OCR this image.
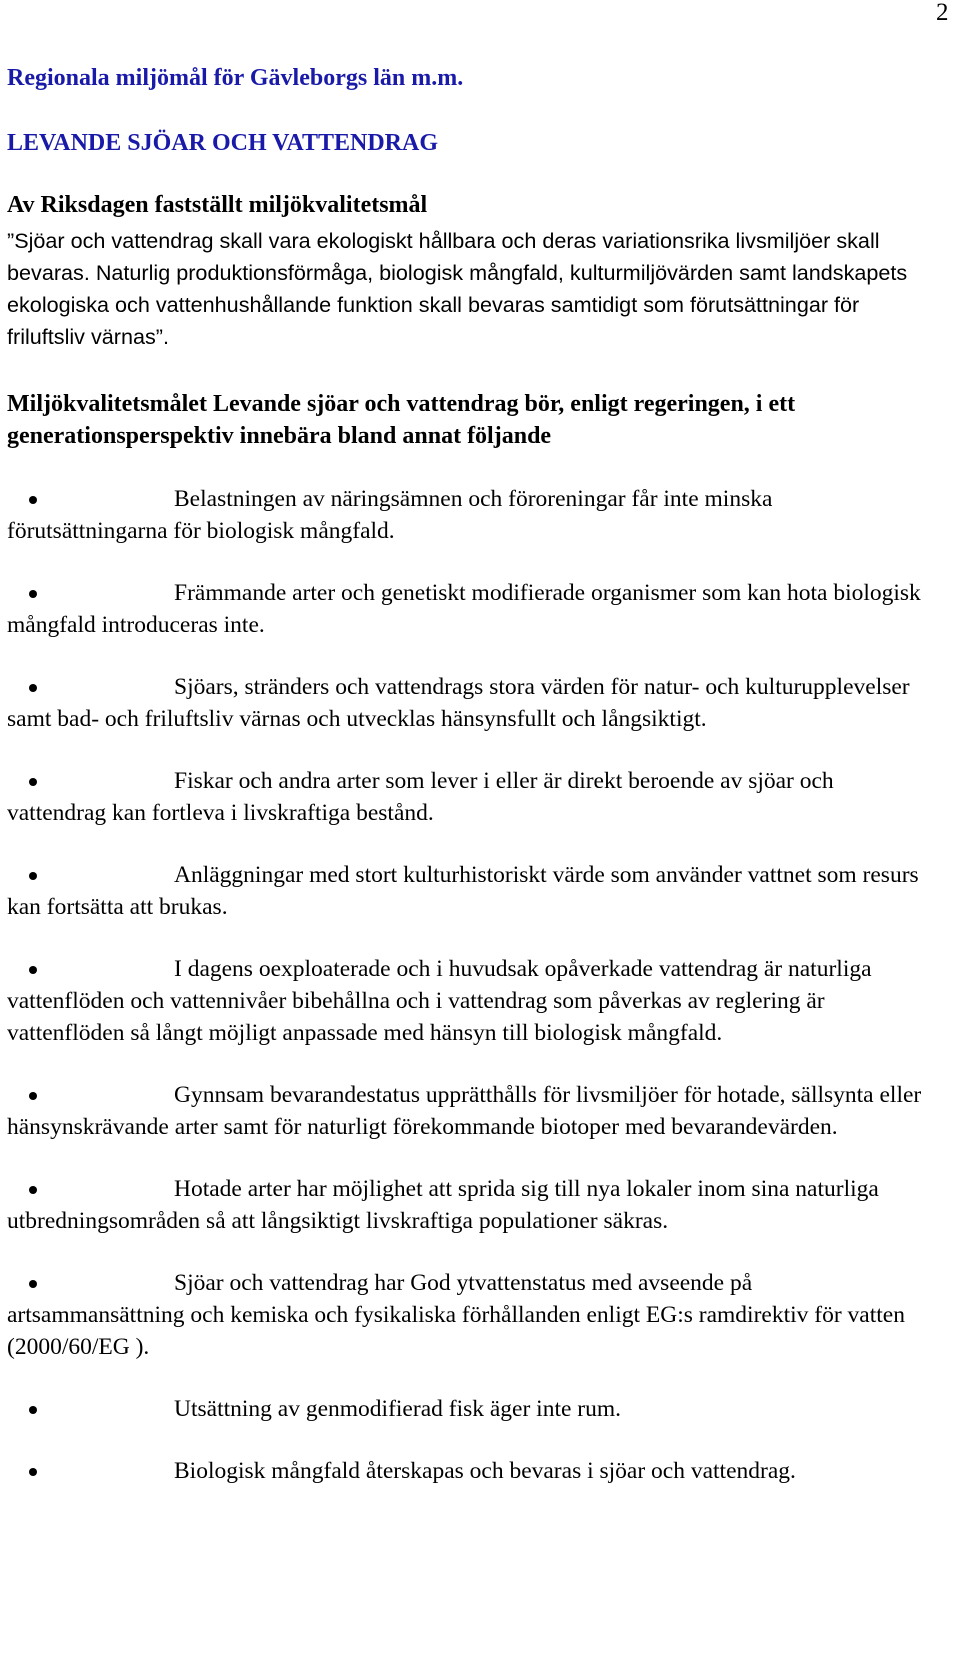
2
Regionala miljömål för Gävleborgs län m.m.
LEVANDE SJÖAR OCH VATTENDRAG
Av Riksdagen fastställt miljökvalitetsmål
”Sjöar och vattendrag skall vara ekologiskt hållbara och deras variationsrika livsmiljöer skall bevaras. Naturlig produktionsförmåga, biologisk mångfald, kulturmiljövärden samt landskapets ekologiska och vattenhushållande funktion skall bevaras samtidigt som förutsättningar för friluftsliv värnas”.
Miljökvalitetsmålet Levande sjöar och vattendrag bör, enligt regeringen, i ett generationsperspektiv innebära bland annat följande
Belastningen av näringsämnen och föroreningar får inte minska förutsättningarna för biologisk mångfald.
Främmande arter och genetiskt modifierade organismer som kan hota biologisk mångfald introduceras inte.
Sjöars, stränders och vattendrags stora värden för natur- och kulturupplevelser samt bad- och friluftsliv värnas och utvecklas hänsynsfullt och långsiktigt.
Fiskar och andra arter som lever i eller är direkt beroende av sjöar och vattendrag kan fortleva i livskraftiga bestånd.
Anläggningar med stort kulturhistoriskt värde som använder vattnet som resurs kan fortsätta att brukas.
I dagens oexploaterade och i huvudsak opåverkade vattendrag är naturliga vattenflöden och vattennivåer bibehållna och i vattendrag som påverkas av reglering är vattenflöden så långt möjligt anpassade med hänsyn till biologisk mångfald.
Gynnsam bevarandestatus upprätthålls för livsmiljöer för hotade, sällsynta eller hänsynskrävande arter samt för naturligt förekommande biotoper med bevarandevärden.
Hotade arter har möjlighet att sprida sig till nya lokaler inom sina naturliga utbredningsområden så att långsiktigt livskraftiga populationer säkras.
Sjöar och vattendrag har God ytvattenstatus med avseende på artsammansättning och kemiska och fysikaliska förhållanden enligt EG:s ramdirektiv för vatten (2000/60/EG ).
Utsättning av genmodifierad fisk äger inte rum.
Biologisk mångfald återskapas och bevaras i sjöar och vattendrag.
